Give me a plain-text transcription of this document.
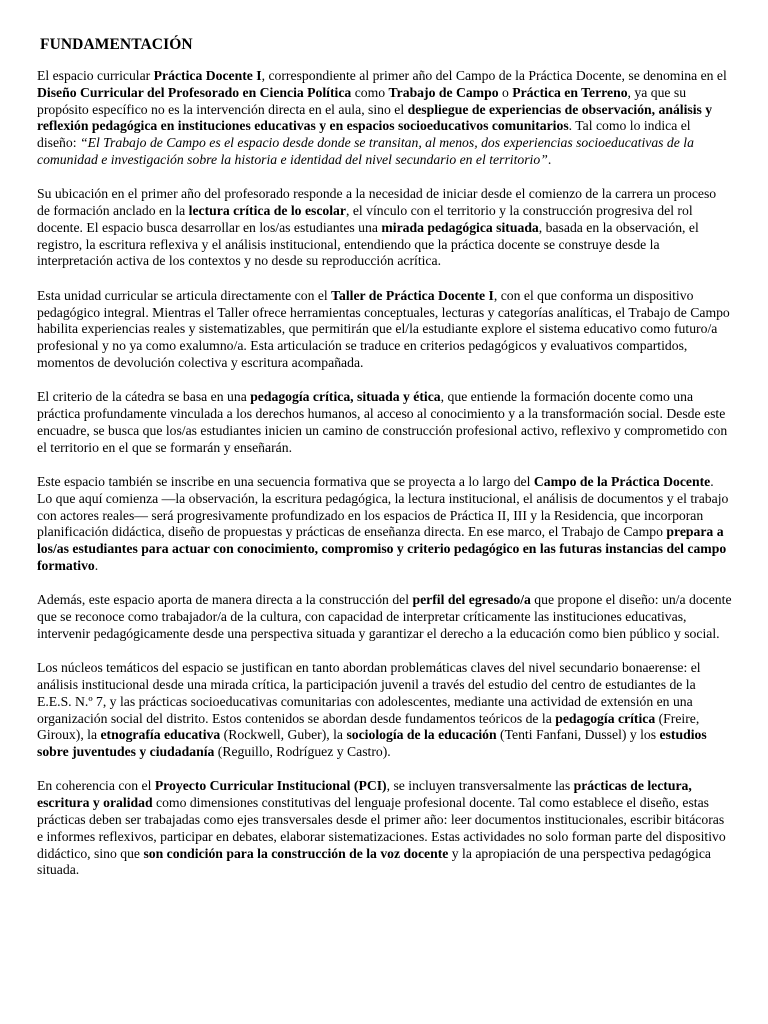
FUNDAMENTACIÓN

El espacio curricular Práctica Docente I, correspondiente al primer año del Campo de la Práctica Docente, se denomina en el Diseño Curricular del Profesorado en Ciencia Política como Trabajo de Campo o Práctica en Terreno, ya que su propósito específico no es la intervención directa en el aula, sino el despliegue de experiencias de observación, análisis y reflexión pedagógica en instituciones educativas y en espacios socioeducativos comunitarios. Tal como lo indica el diseño: “El Trabajo de Campo es el espacio desde donde se transitan, al menos, dos experiencias socioeducativas de la comunidad e investigación sobre la historia e identidad del nivel secundario en el territorio”.

Su ubicación en el primer año del profesorado responde a la necesidad de iniciar desde el comienzo de la carrera un proceso de formación anclado en la lectura crítica de lo escolar, el vínculo con el territorio y la construcción progresiva del rol docente. El espacio busca desarrollar en los/as estudiantes una mirada pedagógica situada, basada en la observación, el registro, la escritura reflexiva y el análisis institucional, entendiendo que la práctica docente se construye desde la interpretación activa de los contextos y no desde su reproducción acrítica.

Esta unidad curricular se articula directamente con el Taller de Práctica Docente I, con el que conforma un dispositivo pedagógico integral. Mientras el Taller ofrece herramientas conceptuales, lecturas y categorías analíticas, el Trabajo de Campo habilita experiencias reales y sistematizables, que permitirán que el/la estudiante explore el sistema educativo como futuro/a profesional y no ya como exalumno/a. Esta articulación se traduce en criterios pedagógicos y evaluativos compartidos, momentos de devolución colectiva y escritura acompañada.

El criterio de la cátedra se basa en una pedagogía crítica, situada y ética, que entiende la formación docente como una práctica profundamente vinculada a los derechos humanos, al acceso al conocimiento y a la transformación social. Desde este encuadre, se busca que los/as estudiantes inicien un camino de construcción profesional activo, reflexivo y comprometido con el territorio en el que se formarán y enseñarán.

Este espacio también se inscribe en una secuencia formativa que se proyecta a lo largo del Campo de la Práctica Docente. Lo que aquí comienza —la observación, la escritura pedagógica, la lectura institucional, el análisis de documentos y el trabajo con actores reales— será progresivamente profundizado en los espacios de Práctica II, III y la Residencia, que incorporan planificación didáctica, diseño de propuestas y prácticas de enseñanza directa. En ese marco, el Trabajo de Campo prepara a los/as estudiantes para actuar con conocimiento, compromiso y criterio pedagógico en las futuras instancias del campo formativo.

Además, este espacio aporta de manera directa a la construcción del perfil del egresado/a que propone el diseño: un/a docente que se reconoce como trabajador/a de la cultura, con capacidad de interpretar críticamente las instituciones educativas, intervenir pedagógicamente desde una perspectiva situada y garantizar el derecho a la educación como bien público y social.

Los núcleos temáticos del espacio se justifican en tanto abordan problemáticas claves del nivel secundario bonaerense: el análisis institucional desde una mirada crítica, la participación juvenil a través del estudio del centro de estudiantes de la E.E.S. N.º 7, y las prácticas socioeducativas comunitarias con adolescentes, mediante una actividad de extensión en una organización social del distrito. Estos contenidos se abordan desde fundamentos teóricos de la pedagogía crítica (Freire, Giroux), la etnografía educativa (Rockwell, Guber), la sociología de la educación (Tenti Fanfani, Dussel) y los estudios sobre juventudes y ciudadanía (Reguillo, Rodríguez y Castro).

En coherencia con el Proyecto Curricular Institucional (PCI), se incluyen transversalmente las prácticas de lectura, escritura y oralidad como dimensiones constitutivas del lenguaje profesional docente. Tal como establece el diseño, estas prácticas deben ser trabajadas como ejes transversales desde el primer año: leer documentos institucionales, escribir bitácoras e informes reflexivos, participar en debates, elaborar sistematizaciones. Estas actividades no solo forman parte del dispositivo didáctico, sino que son condición para la construcción de la voz docente y la apropiación de una perspectiva pedagógica situada.
